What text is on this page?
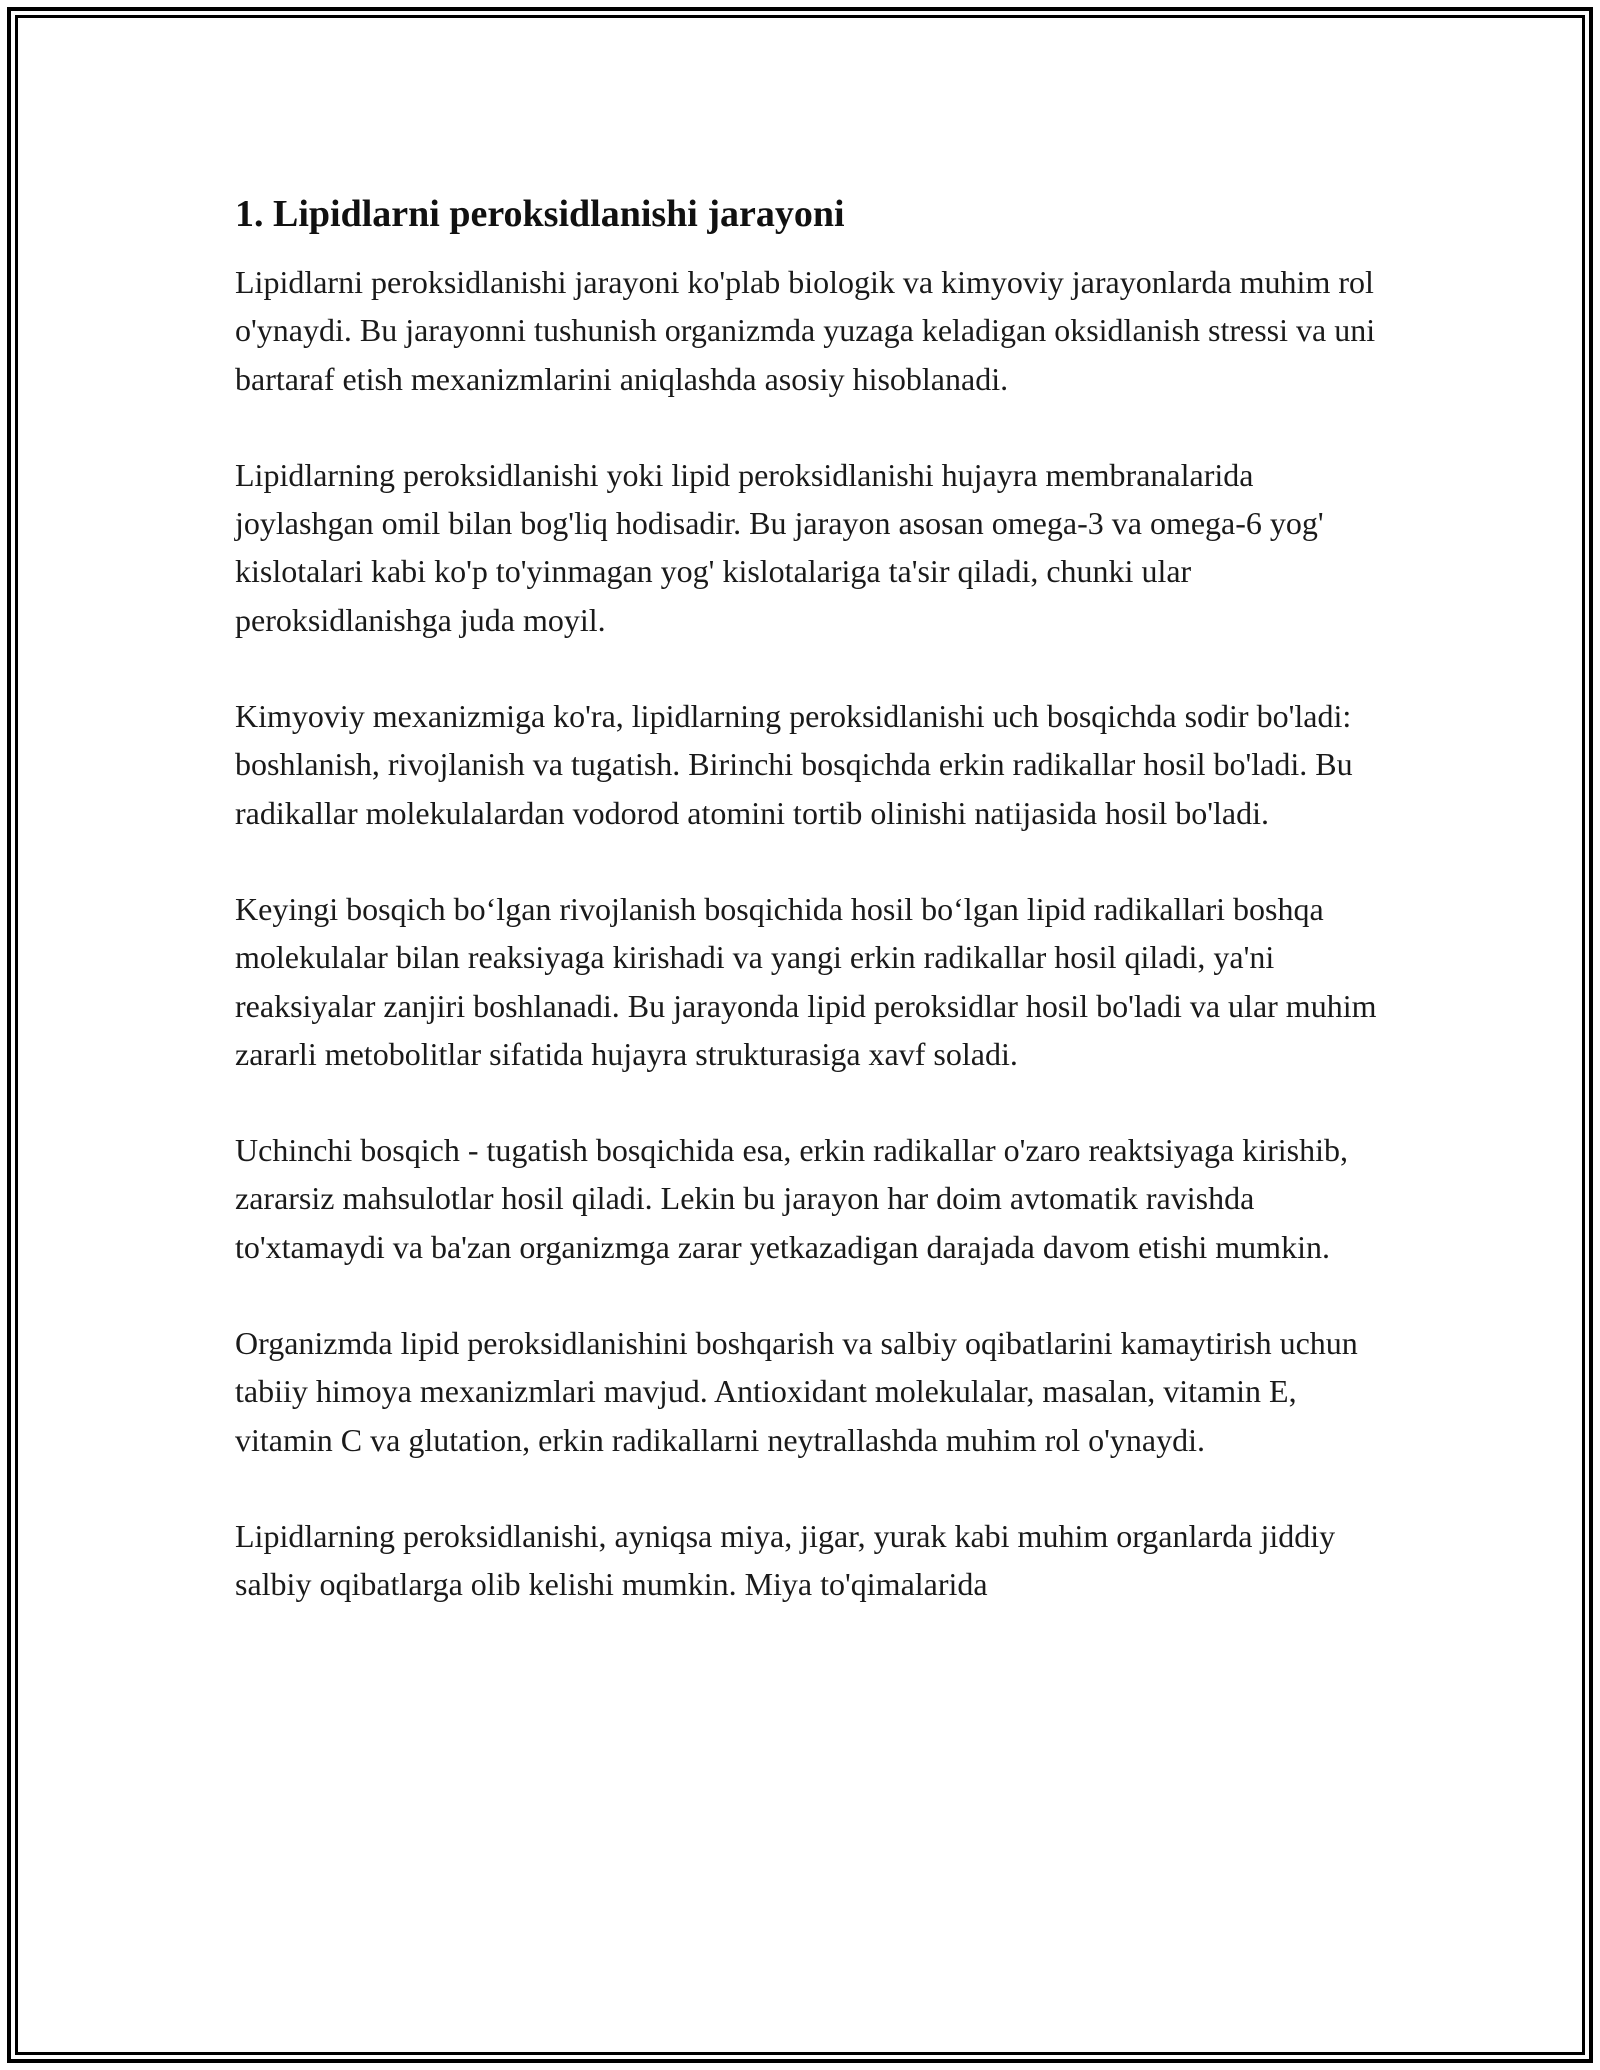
1. Lipidlarni peroksidlanishi jarayoni

Lipidlarni peroksidlanishi jarayoni ko'plab biologik va kimyoviy jarayonlarda muhim rol o'ynaydi. Bu jarayonni tushunish organizmda yuzaga keladigan oksidlanish stressi va uni bartaraf etish mexanizmlarini aniqlashda asosiy hisoblanadi.

Lipidlarning peroksidlanishi yoki lipid peroksidlanishi hujayra membranalarida joylashgan omil bilan bog'liq hodisadir. Bu jarayon asosan omega-3 va omega-6 yog' kislotalari kabi ko'p to'yinmagan yog' kislotalariga ta'sir qiladi, chunki ular peroksidlanishga juda moyil.

Kimyoviy mexanizmiga ko'ra, lipidlarning peroksidlanishi uch bosqichda sodir bo'ladi: boshlanish, rivojlanish va tugatish. Birinchi bosqichda erkin radikallar hosil bo'ladi. Bu radikallar molekulalardan vodorod atomini tortib olinishi natijasida hosil bo'ladi.

Keyingi bosqich bo‘lgan rivojlanish bosqichida hosil bo‘lgan lipid radikallari boshqa molekulalar bilan reaksiyaga kirishadi va yangi erkin radikallar hosil qiladi, ya'ni reaksiyalar zanjiri boshlanadi. Bu jarayonda lipid peroksidlar hosil bo'ladi va ular muhim zararli metobolitlar sifatida hujayra strukturasiga xavf soladi.

Uchinchi bosqich - tugatish bosqichida esa, erkin radikallar o'zaro reaktsiyaga kirishib, zararsiz mahsulotlar hosil qiladi. Lekin bu jarayon har doim avtomatik ravishda to'xtamaydi va ba'zan organizmga zarar yetkazadigan darajada davom etishi mumkin.

Organizmda lipid peroksidlanishini boshqarish va salbiy oqibatlarini kamaytirish uchun tabiiy himoya mexanizmlari mavjud. Antioxidant molekulalar, masalan, vitamin E, vitamin C va glutation, erkin radikallarni neytrallashda muhim rol o'ynaydi.

Lipidlarning peroksidlanishi, ayniqsa miya, jigar, yurak kabi muhim organlarda jiddiy salbiy oqibatlarga olib kelishi mumkin. Miya to'qimalarida
